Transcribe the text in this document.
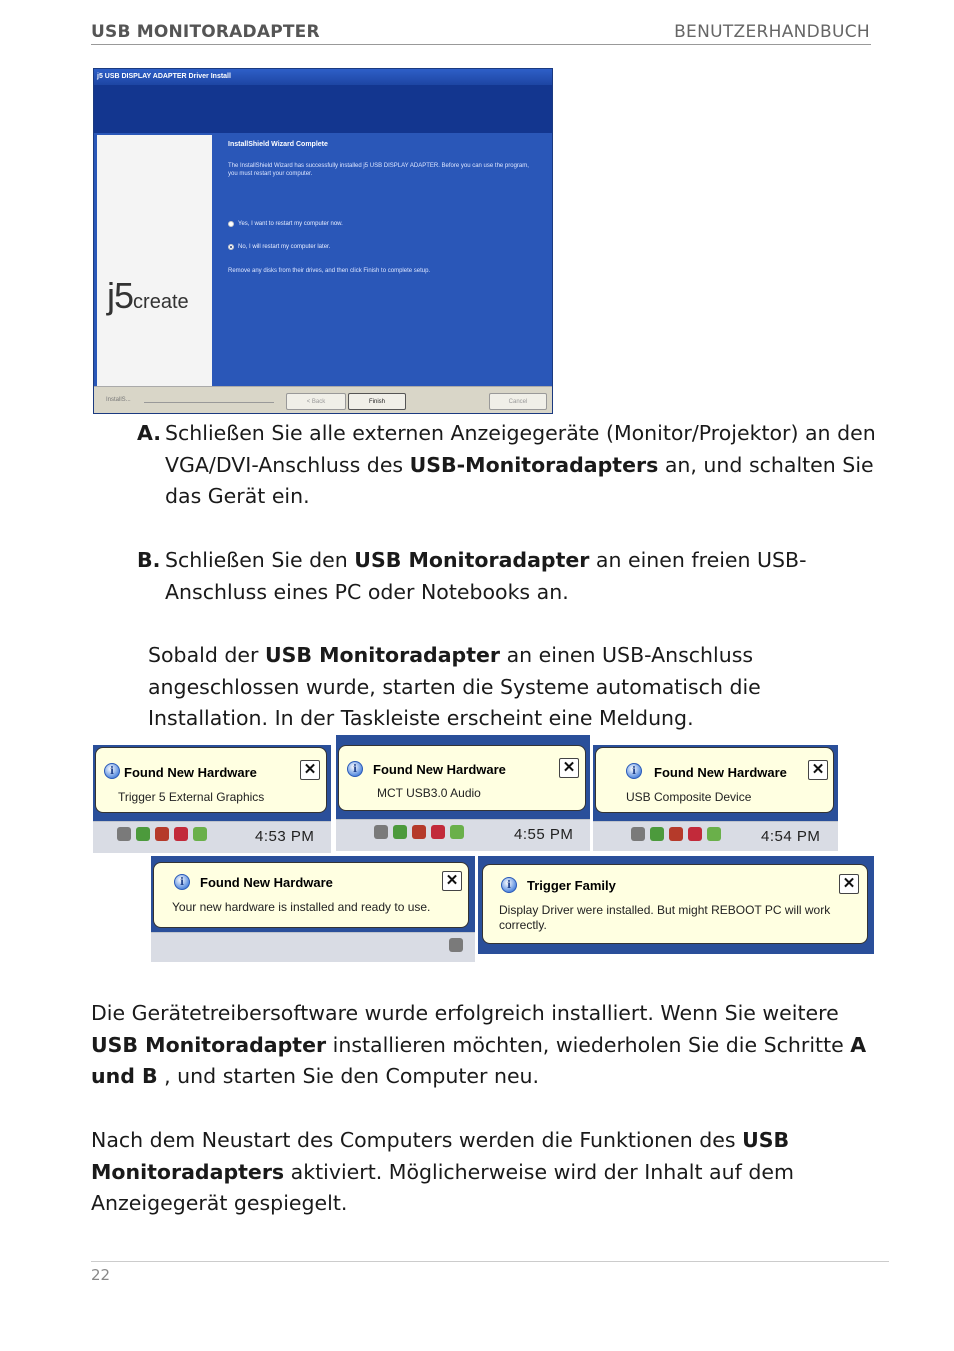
USB MONITORADAPTER	BENUTZERHANDBUCH
j5 USB DISPLAY ADAPTER Driver Install
j5create
InstallShield Wizard Complete
The InstallShield Wizard has successfully installed j5 USB DISPLAY ADAPTER. Before you can use the program, you must restart your computer.
Yes, I want to restart my computer now.
No, I will restart my computer later.
Remove any disks from their drives, and then click Finish to complete setup.
InstallS...	< Back	Finish	Cancel
A. Schließen Sie alle externen Anzeigegeräte (Monitor/Projektor) an den VGA/DVI-Anschluss des USB-Monitoradapters an, und schalten Sie das Gerät ein.
B. Schließen Sie den USB Monitoradapter an einen freien USB-Anschluss eines PC oder Notebooks an.
Sobald der USB Monitoradapter an einen USB-Anschluss angeschlossen wurde, starten die Systeme automatisch die Installation. In der Taskleiste erscheint eine Meldung.
i Found New Hardware
Trigger 5 External Graphics
✕
4:53 PM
i	Found New Hardware
MCT USB3.0 Audio
✕
4:55 PM
i	Found New Hardware
USB Composite Device
✕
4:54 PM
i	Found New Hardware
Your new hardware is installed and ready to use.
✕	i	Trigger Family
Display Driver were installed. But might REBOOT PC will work correctly.
✕
Die Gerätetreibersoftware wurde erfolgreich installiert. Wenn Sie weitere USB Monitoradapter installieren möchten, wiederholen Sie die Schritte A und B , und starten Sie den Computer neu.
Nach dem Neustart des Computers werden die Funktionen des USB Monitoradapters aktiviert. Möglicherweise wird der Inhalt auf dem Anzeigegerät gespiegelt.
22
